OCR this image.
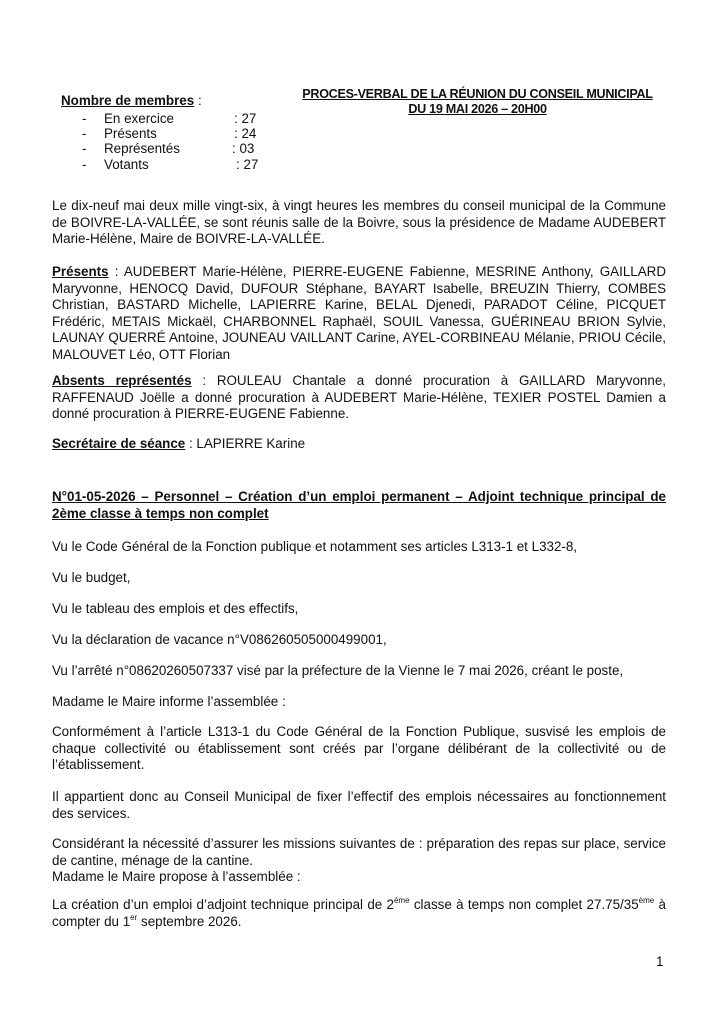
Nombre de membres :
- En exercice	: 27
- Présents	: 24
- Représentés	: 03
- Votants	: 27
PROCES-VERBAL DE LA RÉUNION DU CONSEIL MUNICIPAL
DU 19 MAI 2026 – 20H00
Le dix-neuf mai deux mille vingt-six, à vingt heures les membres du conseil municipal de la Commune de BOIVRE-LA-VALLÉE, se sont réunis salle de la Boivre, sous la présidence de Madame AUDEBERT Marie-Hélène, Maire de BOIVRE-LA-VALLÉE.
Présents : AUDEBERT Marie-Hélène, PIERRE-EUGENE Fabienne, MESRINE Anthony, GAILLARD Maryvonne, HENOCQ David, DUFOUR Stéphane, BAYART Isabelle, BREUZIN Thierry, COMBES Christian, BASTARD Michelle, LAPIERRE Karine, BELAL Djenedi, PARADOT Céline, PICQUET Frédéric, METAIS Mickaël, CHARBONNEL Raphaël, SOUIL Vanessa, GUÉRINEAU BRION Sylvie, LAUNAY QUERRÉ Antoine, JOUNEAU VAILLANT Carine, AYEL-CORBINEAU Mélanie, PRIOU Cécile, MALOUVET Léo, OTT Florian
Absents représentés : ROULEAU Chantale a donné procuration à GAILLARD Maryvonne, RAFFENAUD Joëlle a donné procuration à AUDEBERT Marie-Hélène, TEXIER POSTEL Damien a donné procuration à PIERRE-EUGENE Fabienne.
Secrétaire de séance : LAPIERRE Karine
N°01-05-2026 – Personnel – Création d’un emploi permanent – Adjoint technique principal de 2ème classe à temps non complet
Vu le Code Général de la Fonction publique et notamment ses articles L313-1 et L332-8,
Vu le budget,
Vu le tableau des emplois et des effectifs,
Vu la déclaration de vacance n°V086260505000499001,
Vu l’arrêté n°08620260507337 visé par la préfecture de la Vienne le 7 mai 2026, créant le poste,
Madame le Maire informe l’assemblée :
Conformément à l’article L313-1 du Code Général de la Fonction Publique, susvisé les emplois de chaque collectivité ou établissement sont créés par l’organe délibérant de la collectivité ou de l’établissement.
Il appartient donc au Conseil Municipal de fixer l’effectif des emplois nécessaires au fonctionnement des services.
Considérant la nécessité d’assurer les missions suivantes de : préparation des repas sur place, service de cantine, ménage de la cantine.
Madame le Maire propose à l’assemblée :
La création d’un emploi d’adjoint technique principal de 2ème classe à temps non complet 27.75/35ème à compter du 1er septembre 2026.
1
